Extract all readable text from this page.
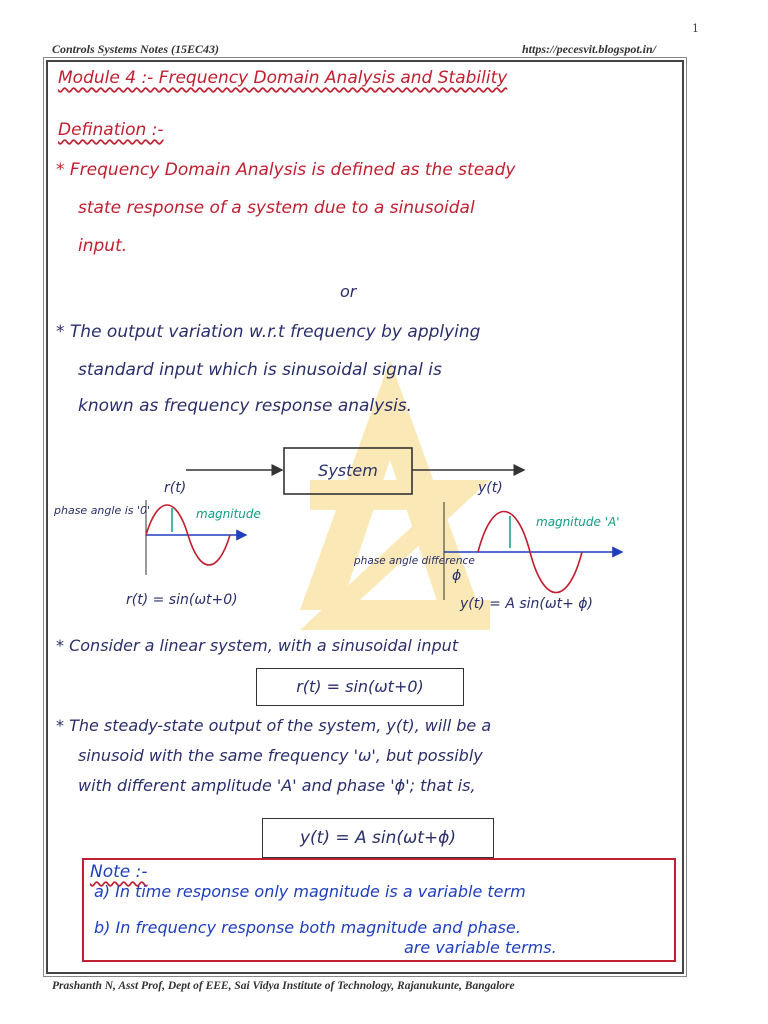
1
Controls Systems Notes (15EC43)	https://pecesvit.blogspot.in/
Module 4 :- Frequency Domain Analysis and Stability
Defination :-
* Frequency Domain Analysis is defined as the steady
state response of a system due to a sinusoidal
input.
or
* The output variation w.r.t frequency by applying
standard input which is sinusoidal signal is
known as frequency response analysis.
System
r(t)	y(t)
magnitude
phase angle is '0'
r(t) = sin(ωt+0)
magnitude 'A'
phase angle difference
ϕ
y(t) = A sin(ωt+ ϕ)
* Consider a linear system, with a sinusoidal input
r(t) = sin(ωt+0)
* The steady-state output of the system, y(t), will be a
sinusoid with the same frequency 'ω', but possibly
with different amplitude 'A' and phase 'ϕ'; that is,
y(t) = A sin(ωt+ϕ)
Note :-
a) In time response only magnitude is a variable term
b) In frequency response both magnitude and phase.
are variable terms.
Prashanth N, Asst Prof, Dept of EEE, Sai Vidya Institute of Technology, Rajanukunte, Bangalore
